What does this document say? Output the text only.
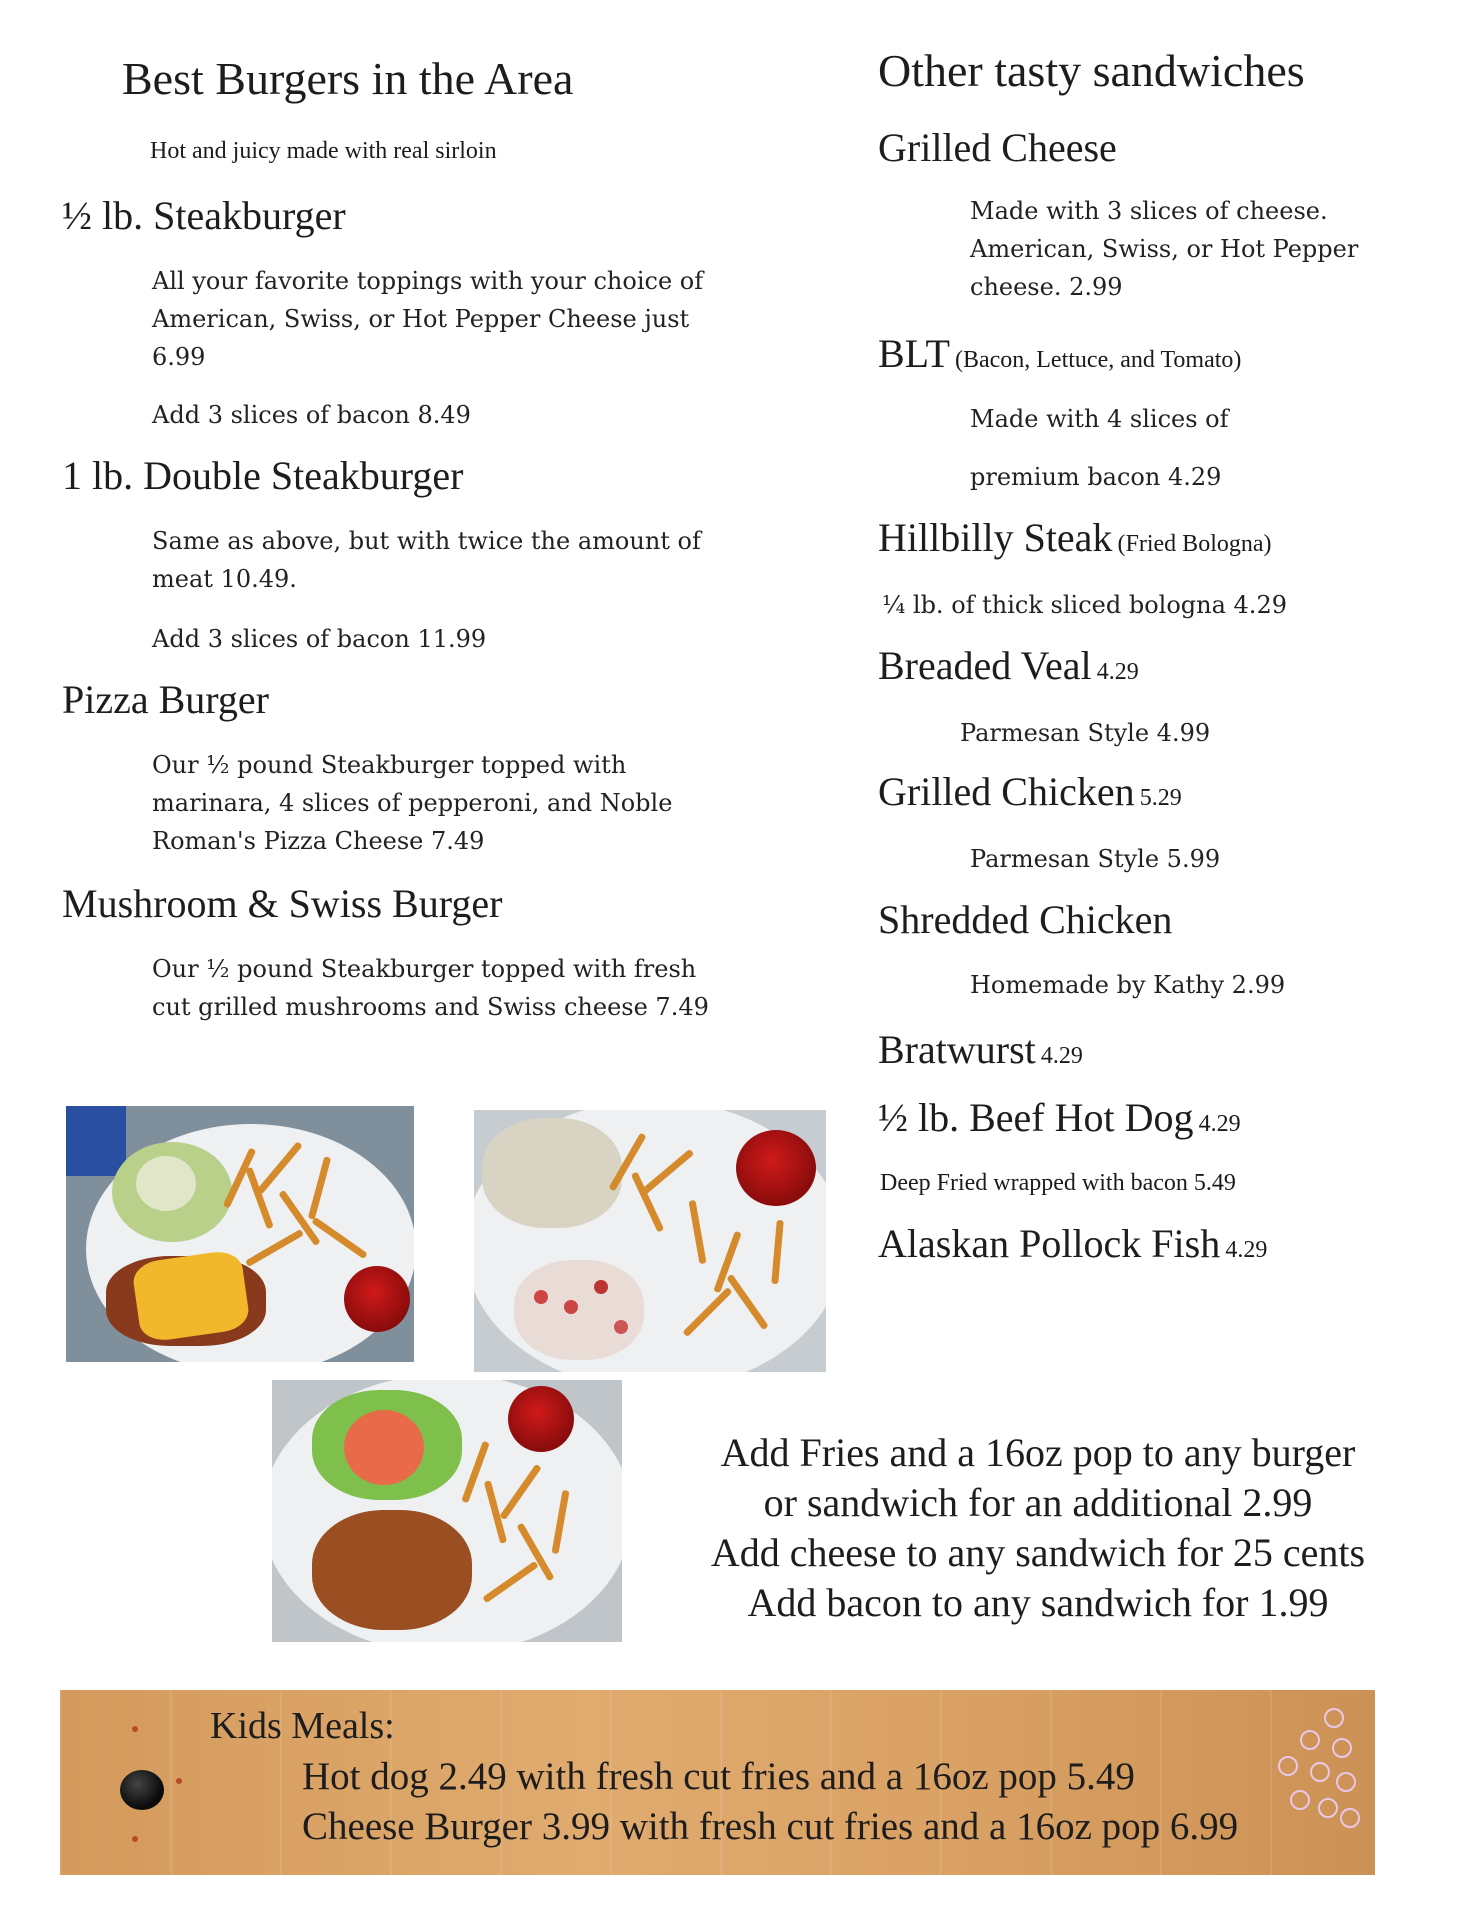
Best Burgers in the Area
Hot and juicy made with real sirloin
½ lb. Steakburger
All your favorite toppings with your choice of American, Swiss, or Hot Pepper Cheese just 6.99
Add 3 slices of bacon 8.49
1 lb. Double Steakburger
Same as above, but with twice the amount of meat 10.49.
Add 3 slices of bacon 11.99
Pizza Burger
Our ½ pound Steakburger topped with marinara, 4 slices of pepperoni, and Noble Roman's Pizza Cheese 7.49
Mushroom & Swiss Burger
Our ½ pound Steakburger topped with fresh cut grilled mushrooms and Swiss cheese 7.49
Other tasty sandwiches
Grilled Cheese
Made with 3 slices of cheese. American, Swiss, or Hot Pepper cheese. 2.99
BLT (Bacon, Lettuce, and Tomato)
Made with 4 slices of
premium bacon 4.29
Hillbilly Steak (Fried Bologna)
¼ lb. of thick sliced bologna 4.29
Breaded Veal 4.29
Parmesan Style 4.99
Grilled Chicken 5.29
Parmesan Style 5.99
Shredded Chicken
Homemade by Kathy 2.99
Bratwurst 4.29
½ lb. Beef Hot Dog 4.29
Deep Fried wrapped with bacon 5.49
Alaskan Pollock Fish 4.29
Add Fries and a 16oz pop to any burger
or sandwich for an additional 2.99
Add cheese to any sandwich for 25 cents
Add bacon to any sandwich for 1.99
Kids Meals:
Hot dog 2.49 with fresh cut fries and a 16oz pop 5.49
Cheese Burger 3.99 with fresh cut fries and a 16oz pop 6.99
